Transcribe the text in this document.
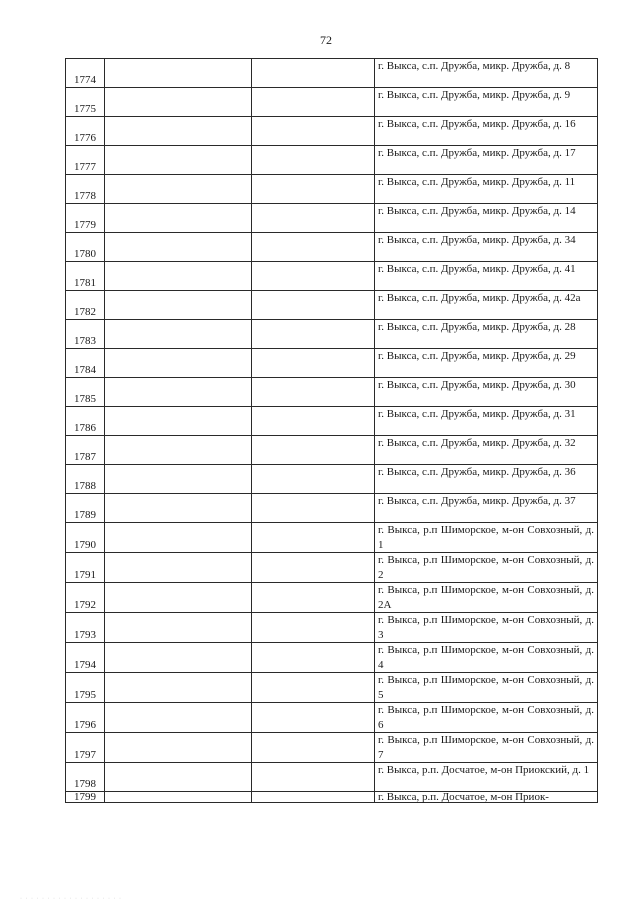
72
1774			г. Выкса, с.п. Дружба, микр. Дружба, д. 8
1775			г. Выкса, с.п. Дружба, микр. Дружба, д. 9
1776			г. Выкса, с.п. Дружба, микр. Дружба, д. 16
1777			г. Выкса, с.п. Дружба, микр. Дружба, д. 17
1778			г. Выкса, с.п. Дружба, микр. Дружба, д. 11
1779			г. Выкса, с.п. Дружба, микр. Дружба, д. 14
1780			г. Выкса, с.п. Дружба, микр. Дружба, д. 34
1781			г. Выкса, с.п. Дружба, микр. Дружба, д. 41
1782			г. Выкса, с.п. Дружба, микр. Дружба, д. 42а
1783			г. Выкса, с.п. Дружба, микр. Дружба, д. 28
1784			г. Выкса, с.п. Дружба, микр. Дружба, д. 29
1785			г. Выкса, с.п. Дружба, микр. Дружба, д. 30
1786			г. Выкса, с.п. Дружба, микр. Дружба, д. 31
1787			г. Выкса, с.п. Дружба, микр. Дружба, д. 32
1788			г. Выкса, с.п. Дружба, микр. Дружба, д. 36
1789			г. Выкса, с.п. Дружба, микр. Дружба, д. 37
1790			г. Выкса, р.п Шиморское, м-он Совхозный, д. 1
1791			г. Выкса, р.п Шиморское, м-он Совхозный, д. 2
1792			г. Выкса, р.п Шиморское, м-он Совхозный, д. 2А
1793			г. Выкса, р.п Шиморское, м-он Совхозный, д. 3
1794			г. Выкса, р.п Шиморское, м-он Совхозный, д. 4
1795			г. Выкса, р.п Шиморское, м-он Совхозный, д. 5
1796			г. Выкса, р.п Шиморское, м-он Совхозный, д. 6
1797			г. Выкса, р.п Шиморское, м-он Совхозный, д. 7
1798			г. Выкса, р.п. Досчатое, м-он Приокский, д. 1
1799			г. Выкса, р.п. Досчатое, м-он Приок-
· · · · · · · · · · · · · · · · · · ·
